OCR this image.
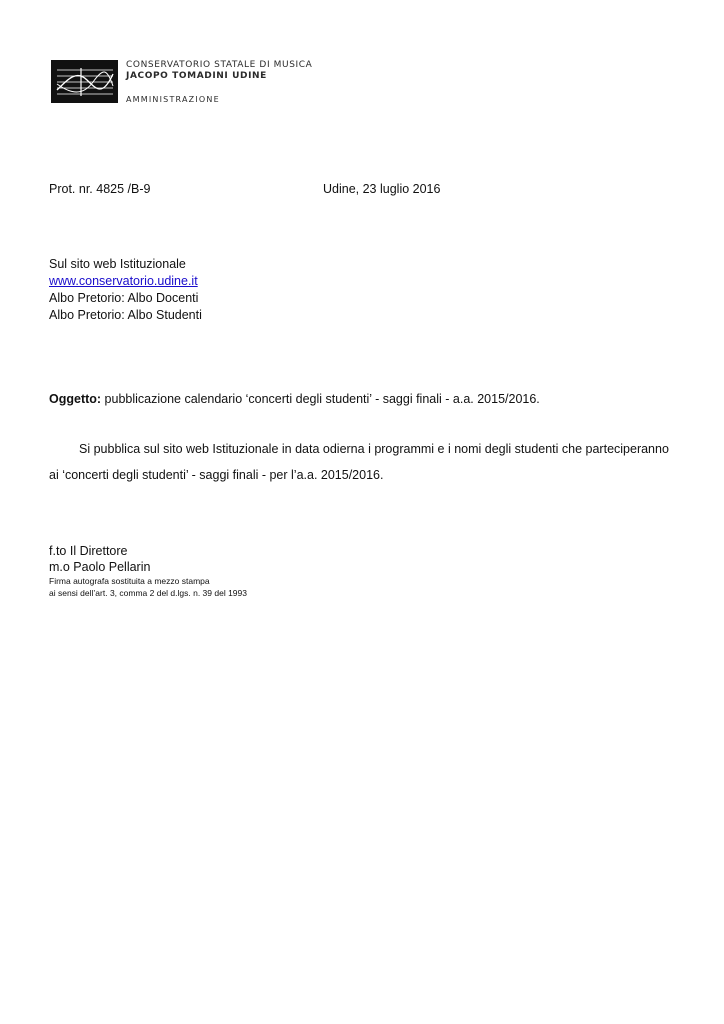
CONSERVATORIO STATALE DI MUSICA
JACOPO TOMADINI UDINE
AMMINISTRAZIONE
Prot. nr. 4825 /B-9	Udine, 23 luglio 2016
Sul sito web Istituzionale
www.conservatorio.udine.it
Albo Pretorio: Albo Docenti
Albo Pretorio: Albo Studenti
Oggetto: pubblicazione calendario ‘concerti degli studenti’ - saggi finali - a.a. 2015/2016.
Si pubblica sul sito web Istituzionale in data odierna i programmi e i nomi degli studenti che parteciperanno
ai ‘concerti degli studenti’ - saggi finali - per l’a.a. 2015/2016.
f.to Il Direttore
m.o Paolo Pellarin
Firma autografa sostituita a mezzo stampa
ai sensi dell’art. 3, comma 2 del d.lgs. n. 39 del 1993
